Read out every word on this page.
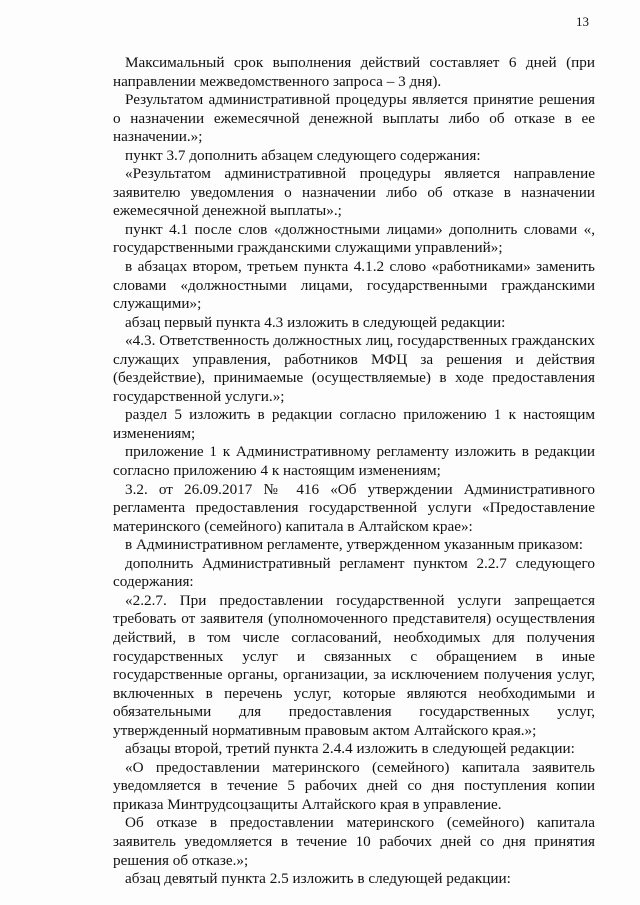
13

Максимальный срок выполнения действий составляет 6 дней (при направлении межведомственного запроса – 3 дня).

Результатом административной процедуры является принятие решения о назначении ежемесячной денежной выплаты либо об отказе в ее назначении.»;

пункт 3.7 дополнить абзацем следующего содержания:

«Результатом административной процедуры является направление заявителю уведомления о назначении либо об отказе в назначении ежемесячной денежной выплаты».;

пункт 4.1 после слов «должностными лицами» дополнить словами «, государственными гражданскими служащими управлений»;

в абзацах втором, третьем пункта 4.1.2 слово «работниками» заменить словами «должностными лицами, государственными гражданскими служащими»;

абзац первый пункта 4.3 изложить в следующей редакции:

«4.3. Ответственность должностных лиц, государственных гражданских служащих управления, работников МФЦ за решения и действия (бездействие), принимаемые (осуществляемые) в ходе предоставления государственной услуги.»;

раздел 5 изложить в редакции согласно приложению 1 к настоящим изменениям;

приложение 1 к Административному регламенту изложить в редакции согласно приложению 4 к настоящим изменениям;

3.2. от 26.09.2017 № 416 «Об утверждении Административного регламента предоставления государственной услуги «Предоставление материнского (семейного) капитала в Алтайском крае»:

в Административном регламенте, утвержденном указанным приказом:

дополнить Административный регламент пунктом 2.2.7 следующего содержания:

«2.2.7. При предоставлении государственной услуги запрещается требовать от заявителя (уполномоченного представителя) осуществления действий, в том числе согласований, необходимых для получения государственных услуг и связанных с обращением в иные государственные органы, организации, за исключением получения услуг, включенных в перечень услуг, которые являются необходимыми и обязательными для предоставления государственных услуг, утвержденный нормативным правовым актом Алтайского края.»;

абзацы второй, третий пункта 2.4.4 изложить в следующей редакции:

«О предоставлении материнского (семейного) капитала заявитель уведомляется в течение 5 рабочих дней со дня поступления копии приказа Минтрудсоцзащиты Алтайского края в управление.

Об отказе в предоставлении материнского (семейного) капитала заявитель уведомляется в течение 10 рабочих дней со дня принятия решения об отказе.»;

абзац девятый пункта 2.5 изложить в следующей редакции:
